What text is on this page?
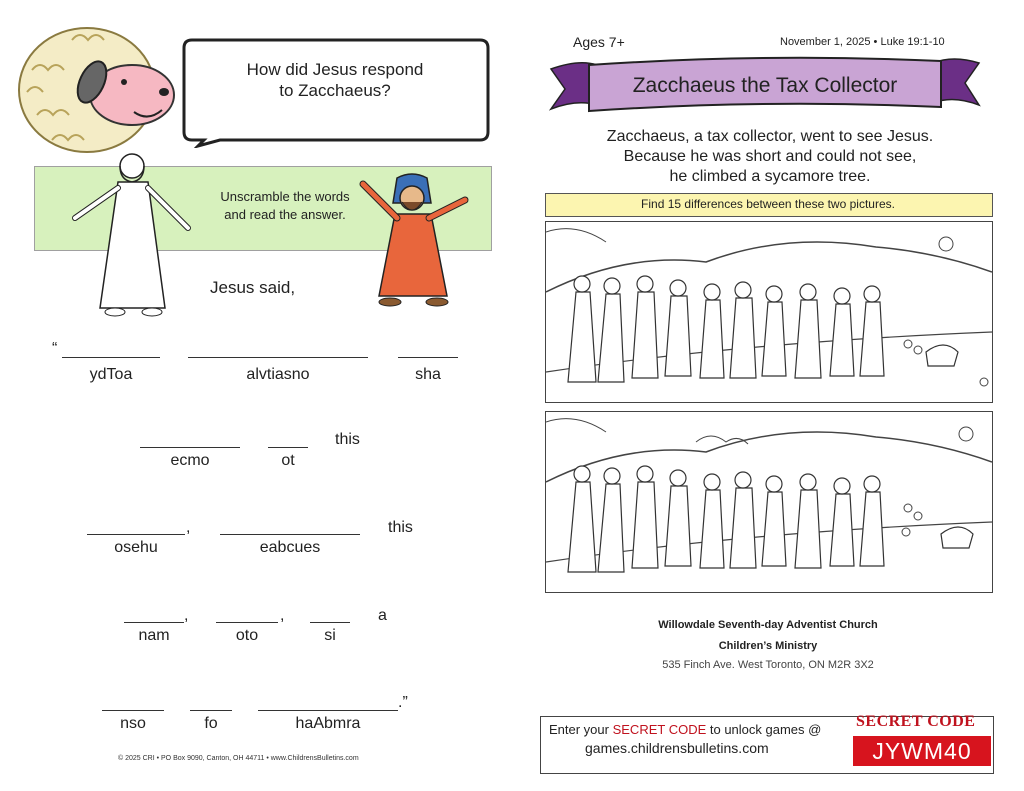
How did Jesus respond
to Zacchaeus?
Unscramble the words
and read the answer.
Jesus said,
“
ydToa	alvtiasno	sha
ecmo	ot
this
,
osehu	eabcues
this
,
nam
,
oto	si
a
nso	fo	haAbmra
.”
© 2025 CRI • PO Box 9090, Canton, OH 44711 • www.ChildrensBulletins.com
Ages 7+	November 1, 2025 • Luke 19:1-10
Zacchaeus the Tax Collector
Zacchaeus, a tax collector, went to see Jesus.
Because he was short and could not see,
he climbed a sycamore tree.
Find 15 differences between these two pictures.
Willowdale Seventh-day Adventist Church
Children’s Ministry
535 Finch Ave. West Toronto, ON M2R 3X2
Enter your SECRET CODE to unlock games @
games.childrensbulletins.com
SECRET CODE
JYWM40
